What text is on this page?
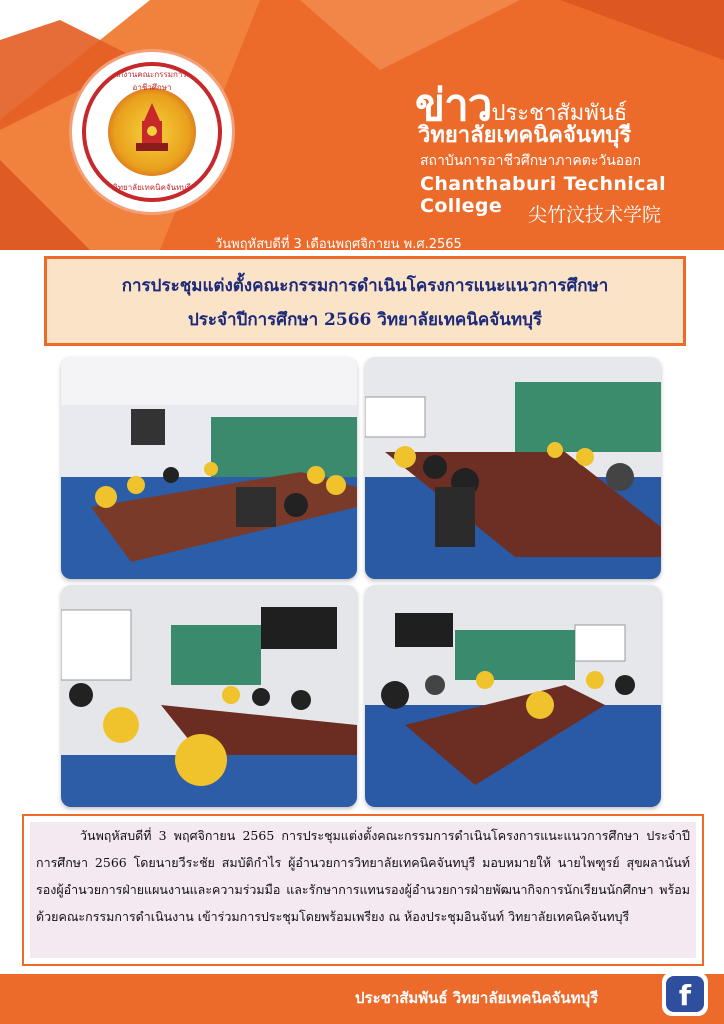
สำนักงานคณะกรรมการการอาชีวศึกษา
วิทยาลัยเทคนิคจันทบุรี
ข่าวประชาสัมพันธ์
วิทยาลัยเทคนิคจันทบุรี
สถาบันการอาชีวศึกษาภาคตะวันออก
Chanthaburi Technical College	尖竹汶技术学院
วันพฤหัสบดีที่ 3 เดือนพฤศจิกายน พ.ศ.2565
การประชุมแต่งตั้งคณะกรรมการดำเนินโครงการแนะแนวการศึกษา
ประจำปีการศึกษา 2566 วิทยาลัยเทคนิคจันทบุรี
วันพฤหัสบดีที่ 3 พฤศจิกายน 2565 การประชุมแต่งตั้งคณะกรรมการดำเนินโครงการแนะแนวการศึกษา ประจำปีการศึกษา 2566 โดยนายวีระชัย สมบัติกำไร ผู้อำนวยการวิทยาลัยเทคนิคจันทบุรี มอบหมายให้ นายไพฑูรย์ สุขผลานันท์ รองผู้อำนวยการฝ่ายแผนงานและความร่วมมือ และรักษาการแทนรองผู้อำนวยการฝ่ายพัฒนากิจการนักเรียนนักศึกษา พร้อมด้วยคณะกรรมการดำเนินงาน เข้าร่วมการประชุมโดยพร้อมเพรียง ณ ห้องประชุมอินจันท์ วิทยาลัยเทคนิคจันทบุรี
ประชาสัมพันธ์ วิทยาลัยเทคนิคจันทบุรี	f
